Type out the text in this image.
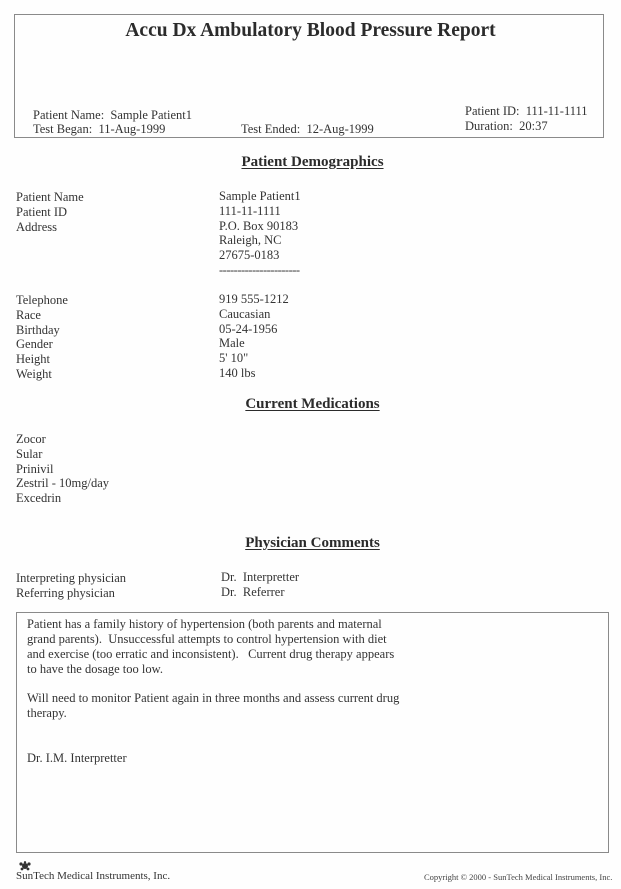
Accu Dx Ambulatory Blood Pressure Report
Patient Name: Sample Patient1
Test Began: 11-Aug-1999	Test Ended: 12-Aug-1999
Patient ID: 111-11-1111
Duration: 20:37
Patient Demographics
Patient Name
Patient ID
Address
Sample Patient1
111-11-1111
P.O. Box 90183
Raleigh, NC
27675-0183
----------------------
Telephone
Race
Birthday
Gender
Height
Weight
919 555-1212
Caucasian
05-24-1956
Male
5' 10"
140 lbs
Current Medications
Zocor
Sular
Prinivil
Zestril - 10mg/day
Excedrin
Physician Comments
Interpreting physician
Referring physician
Dr.  Interpretter
Dr.  Referrer
Patient has a family history of hypertension (both parents and maternal grand parents).  Unsuccessful attempts to control hypertension with diet and exercise (too erratic and inconsistent).   Current drug therapy appears to have the dosage too low.
Will need to monitor Patient again in three months and assess current drug therapy.
Dr. I.M. Interpretter
SunTech Medical Instruments, Inc.	Copyright © 2000 - SunTech Medical Instruments, Inc.
